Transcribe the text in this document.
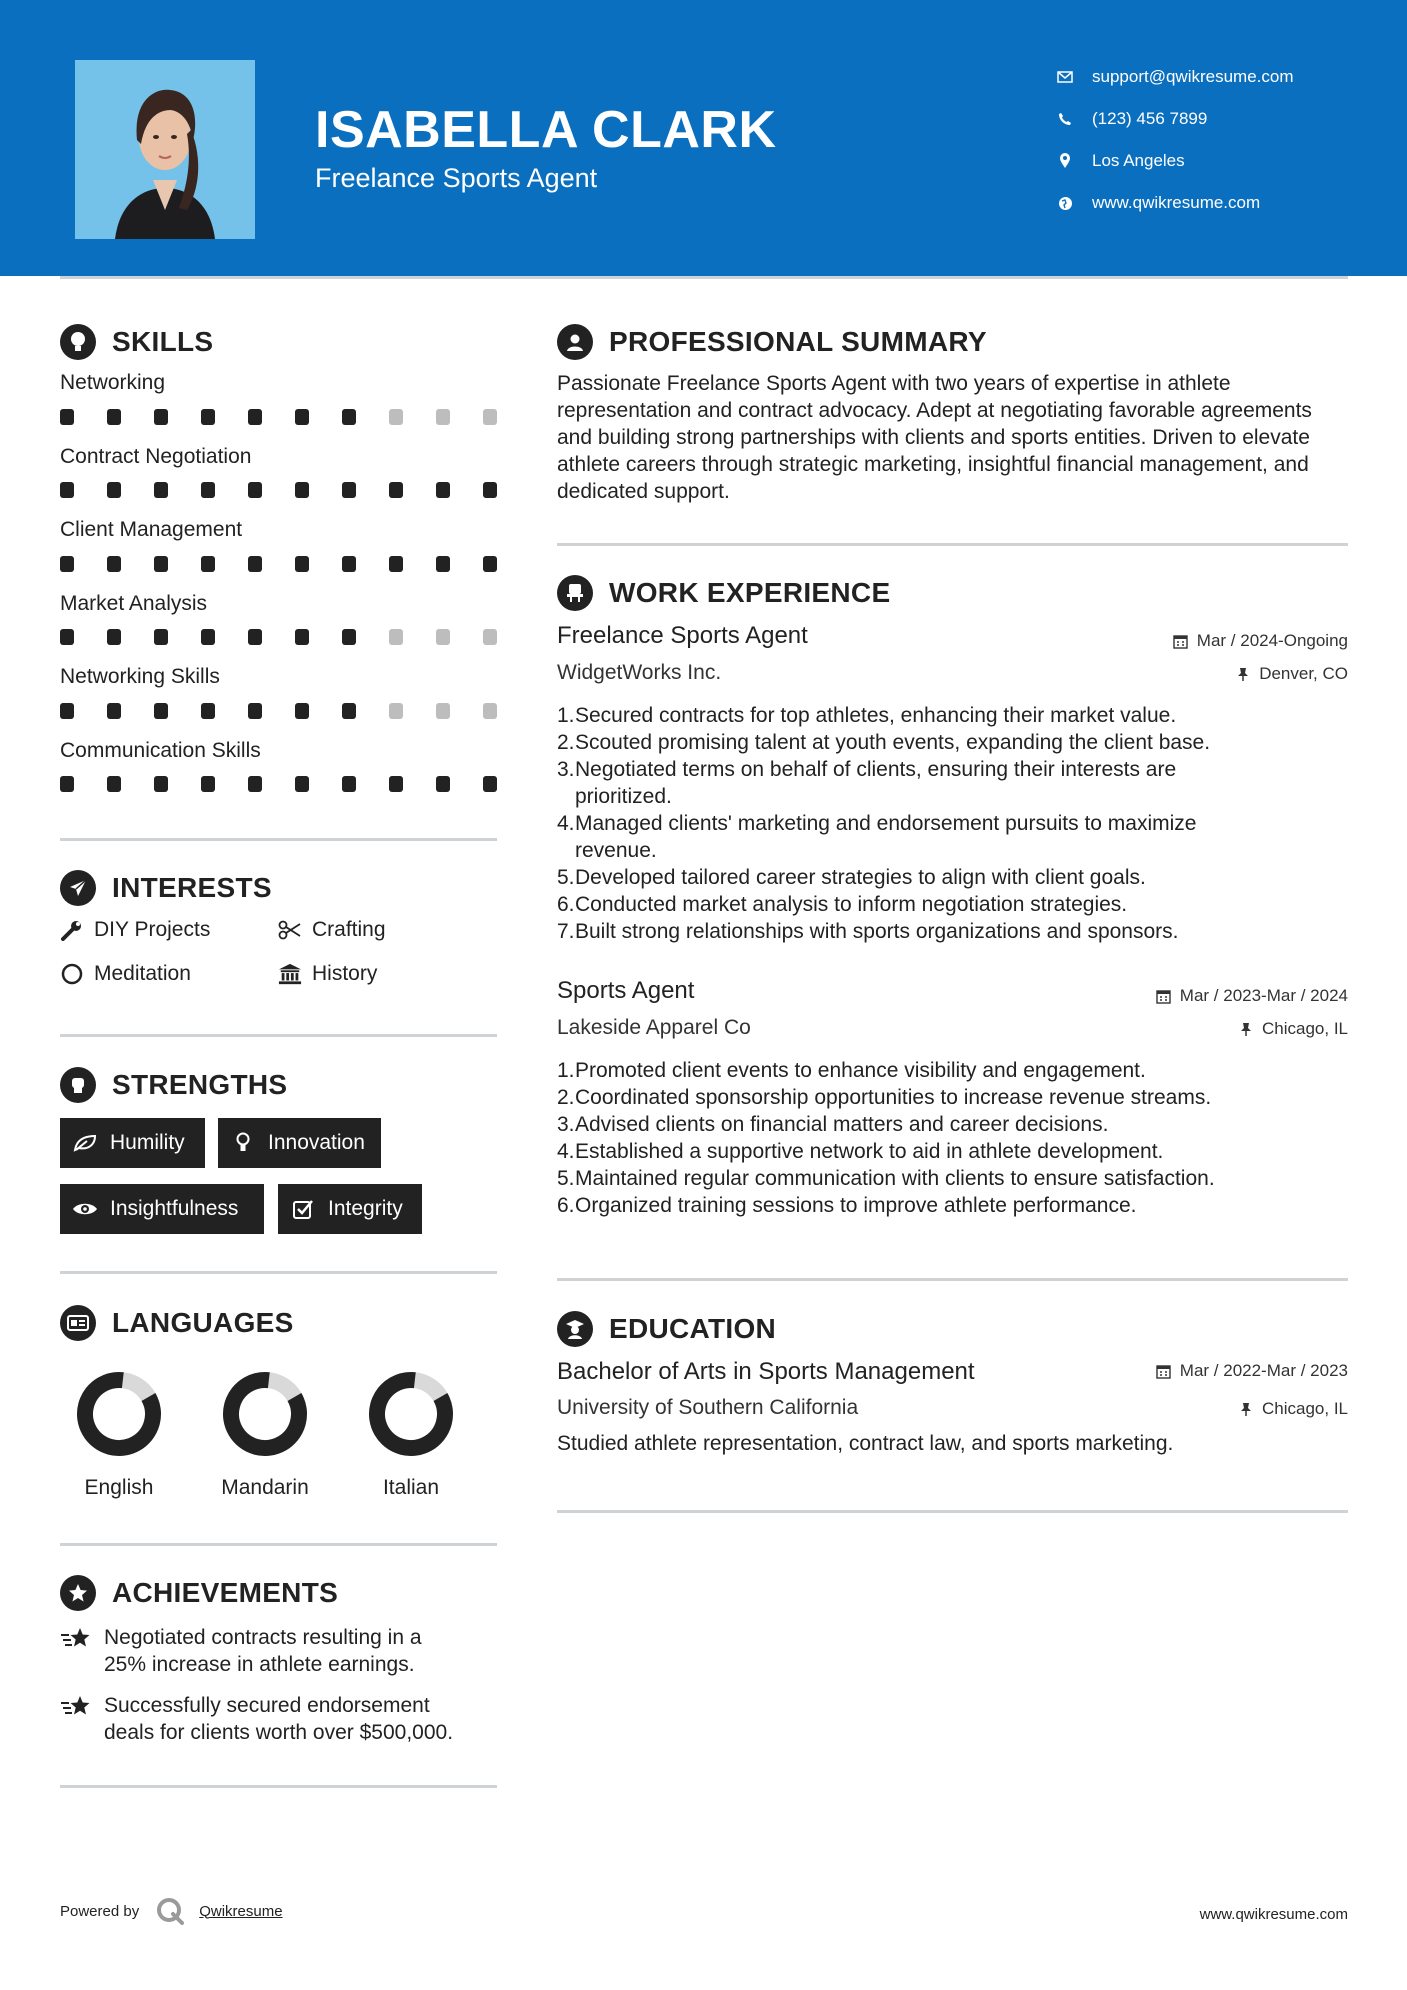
ISABELLA CLARK
Freelance Sports Agent
support@qwikresume.com
(123) 456 7899
Los Angeles
www.qwikresume.com
SKILLS
Networking
Contract Negotiation
Client Management
Market Analysis
Networking Skills
Communication Skills
INTERESTS
DIY Projects	Crafting
Meditation	History
STRENGTHS
Humility	Innovation
Insightfulness	Integrity
LANGUAGES
English	Mandarin	Italian
ACHIEVEMENTS
Negotiated contracts resulting in a
25% increase in athlete earnings.
Successfully secured endorsement
deals for clients worth over $500,000.
PROFESSIONAL SUMMARY
Passionate Freelance Sports Agent with two years of expertise in athlete representation and contract advocacy. Adept at negotiating favorable agreements and building strong partnerships with clients and sports entities. Driven to elevate athlete careers through strategic marketing, insightful financial management, and dedicated support.
WORK EXPERIENCE
Freelance Sports Agent	Mar / 2024-Ongoing
WidgetWorks Inc.	Denver, CO
1. Secured contracts for top athletes, enhancing their market value.
2. Scouted promising talent at youth events, expanding the client base.
3. Negotiated terms on behalf of clients, ensuring their interests are
prioritized.
4. Managed clients' marketing and endorsement pursuits to maximize
revenue.
5. Developed tailored career strategies to align with client goals.
6. Conducted market analysis to inform negotiation strategies.
7. Built strong relationships with sports organizations and sponsors.
Sports Agent	Mar / 2023-Mar / 2024
Lakeside Apparel Co	Chicago, IL
1. Promoted client events to enhance visibility and engagement.
2. Coordinated sponsorship opportunities to increase revenue streams.
3. Advised clients on financial matters and career decisions.
4. Established a supportive network to aid in athlete development.
5. Maintained regular communication with clients to ensure satisfaction.
6. Organized training sessions to improve athlete performance.
EDUCATION
Bachelor of Arts in Sports Management	Mar / 2022-Mar / 2023
University of Southern California	Chicago, IL
Studied athlete representation, contract law, and sports marketing.
Powered by	Qwikresume	www.qwikresume.com
